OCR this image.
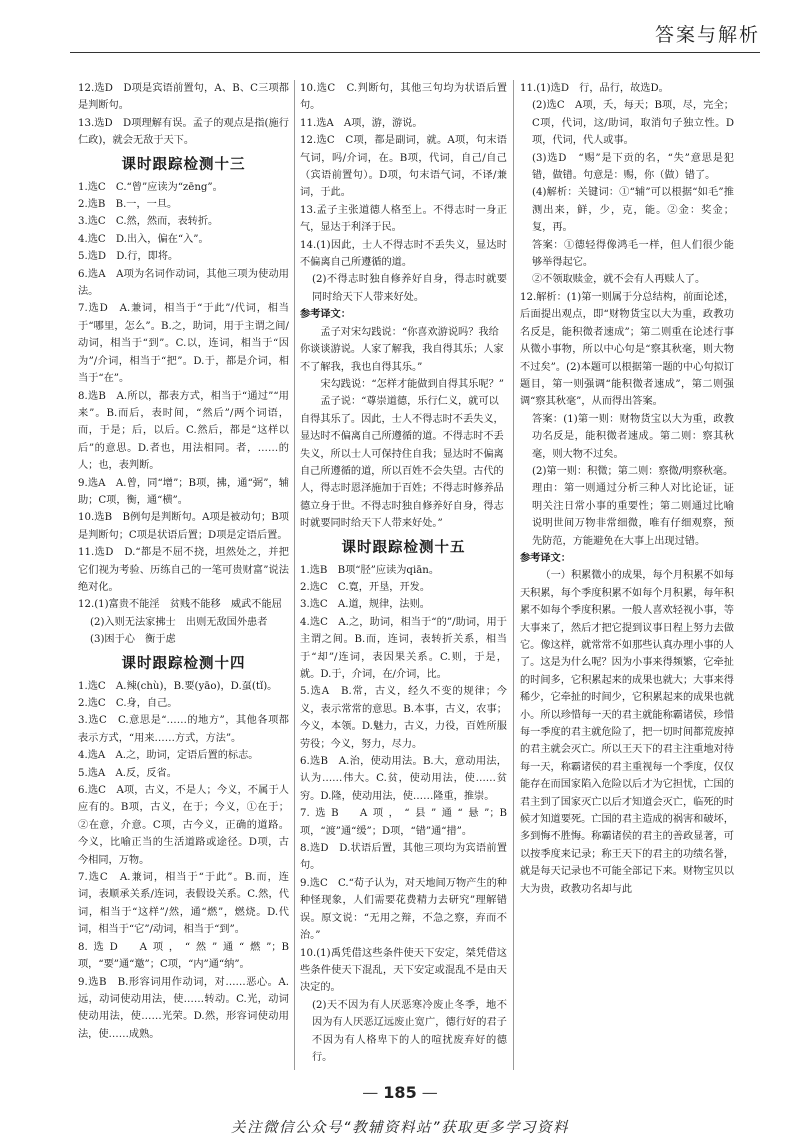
答案与解析
12.选D　D项是宾语前置句，A、B、C三项都是判断句。
13.选D　D项理解有误。孟子的观点是指(施行仁政)，就会无敌于天下。
课时跟踪检测十三
1.选C　C.“曾”应读为“zēng”。
2.选B　B.一，一旦。
3.选C　C.然，然而，表转折。
4.选C　D.出入，偏在“入”。
5.选D　D.行，即将。
6.选A　A项为名词作动词，其他三项为使动用法。
7.选D　A.兼词，相当于“于此”/代词，相当于“哪里，怎么”。B.之，助词，用于主谓之间/动词，相当于“到”。C.以，连词，相当于“因为”/介词，相当于“把”。D.于，都是介词，相当于“在”。
8.选B　A.所以，都表方式，相当于“通过”“用来”。B.而后，表时间，“然后”/两个词语，而，于是；后，以后。C.然后，都是“这样以后”的意思。D.者也，用法相同。者，……的人；也，表判断。
9.选A　A.曾，同“增”；B项，拂，通“弼”，辅助；C项，衡，通“横”。
10.选B　B例句是判断句。A项是被动句；B项是判断句；C项是状语后置；D项是定语后置。
11.选D　D.“都是不屈不挠，坦然处之，并把它们视为考验、历练自己的一笔可贵财富”说法绝对化。
12.(1)富贵不能淫　贫贱不能移　威武不能屈
(2)入则无法家拂士　出则无敌国外患者
(3)困于心　衡于虑
课时跟踪检测十四
1.选C　A.辣(chù)，B.要(yāo)，D.虿(tǐ)。
2.选C　C.身，自己。
3.选C　C.意思是“……的地方”，其他各项都表示方式，“用来……方式，方法”。
4.选A　A.之，助词，定语后置的标志。
5.选A　A.反，反省。
6.选C　A项，古义，不是人；今义，不属于人应有的。B项，古义，在于；今义，①在于；②在意，介意。C项，古今义，正确的道路。今义，比喻正当的生活道路或途径。D项，古今相同，万物。
7.选C　A.兼词，相当于“于此”。B.而，连词，表顺承关系/连词，表假设关系。C.然，代词，相当于“这样”/然，通“燃”，燃烧。D.代词，相当于“它”/动词，相当于“到”。
8.选D　A项，“然”通“燃”；B项，“要”通“邀”；C项，“内”通“纳”。
9.选B　B.形容词用作动词，对……恶心。A.远，动词使动用法，使……转动。C.光，动词使动用法，使……光荣。D.然，形容词使动用法，使……成熟。
10.选C　C.判断句，其他三句均为状语后置句。
11.选A　A项，游，游说。
12.选C　C项，都是副词，就。A项，句末语气词，吗/介词，在。B项，代词，自己/自己（宾语前置句）。D项，句末语气词，不译/兼词，于此。
13.孟子主张道德人格至上。不得志时一身正气，显达于利泽于民。
14.(1)因此，士人不得志时不丢失义，显达时不偏离自己所遵循的道。
(2)不得志时独自修养好自身，得志时就要同时给天下人带来好处。
参考译文：
孟子对宋勾践说：“你喜欢游说吗？我给你谈谈游说。人家了解我，我自得其乐；人家不了解我，我也自得其乐。”
宋勾践说：“怎样才能做到自得其乐呢？”
孟子说：“尊崇道德，乐行仁义，就可以自得其乐了。因此，士人不得志时不丢失义，显达时不偏离自己所遵循的道。不得志时不丢失义，所以士人可保持住自我；显达时不偏离自己所遵循的道，所以百姓不会失望。古代的人，得志时恩泽施加于百姓；不得志时修养品德立身于世。不得志时独自修养好自身，得志时就要同时给天下人带来好处。”
课时跟踪检测十五
1.选B　B项“胫”应读为qiān。
2.选C　C.寛，开垦，开发。
3.选C　A.道，规律，法则。
4.选C　A.之，助词，相当于“的”/助词，用于主谓之间。B.而，连词，表转折关系，相当于“却”/连词，表因果关系。C.则，于是，就。D.于，介词，在/介词，比。
5.选A　B.常，古义，经久不变的规律；今义，表示常常的意思。B.本事，古义，农事；今义，本领。D.魅力，古义，力役，百姓所服劳役；今义，努力，尽力。
6.选B　A.治，使动用法。B.大，意动用法，认为……伟大。C.贫，使动用法，使……贫穷。D.隆，使动用法，使……隆重，推崇。
7.选B　A项，“县”通“悬”；B项，“渡”通“缓”；D项，“错”通“措”。
8.选D　D.状语后置，其他三项均为宾语前置句。
9.选C　C.“荀子认为，对天地间万物产生的种种怪现象，人们需要花费精力去研究”理解错误。原文说：“无用之辩，不急之察，弃而不治。”
10.(1)禹凭借这些条件使天下安定，桀凭借这些条件使天下混乱，天下安定或混乱不是由天决定的。
(2)天不因为有人厌恶寒冷废止冬季，地不因为有人厌恶辽远废止宽广，德行好的君子不因为有人格卑下的人的喧扰废弃好的德行。
11.(1)选D　行，品行，故选D。
(2)选C　A项，夭，每天；B项，尽，完全；C项，代词，这/助词，取消句子独立性。D项，代词，代人或事。
(3)选D　“赐”是下贡的名，“失”意思是犯错，做错。句意是：赐，你（做）错了。
(4)解析：关键词：①“辅”可以根据“如毛”推测出来，鲜，少，克，能。②金：奖金；复，再。
答案：①德轻得像鸿毛一样，但人们很少能够举得起它。
②不领取赎金，就不会有人再赎人了。
12.解析：(1)第一则属于分总结构，前面论述，后面提出观点，即“财物货宝以大为重，政教功名反是，能积微者速成”；第二则重在论述行事从微小事物，所以中心句是“察其秋毫，则大物不过矣”。(2)本题可以根据第一题的中心句拟订题目，第一则强调“能积微者速成”，第二则强调“察其秋毫”，从而得出答案。
答案：(1)第一则：财物货宝以大为重，政教功名反是，能积微者速成。第二则：察其秋毫，则大物不过矣。
(2)第一则：积微；第二则：察微/明察秋毫。
理由：第一则通过分析三种人对比论证，证明关注日常小事的重要性；第二则通过比喻说明世间万物非常细微，唯有仔细观察，预先防范，方能避免在大事上出现过错。
参考译文：
（一）积累微小的成果，每个月积累不如每天积累，每个季度积累不如每个月积累，每年积累不如每个季度积累。一般人喜欢轻视小事，等大事来了，然后才把它提到议事日程上努力去做它。像这样，就常常不如那些认真办理小事的人了。这是为什么呢？因为小事来得频繁，它牵扯的时间多，它积累起来的成果也就大；大事来得稀少，它牵扯的时间少，它积累起来的成果也就小。所以珍惜每一天的君主就能称霸诸侯，珍惜每一季度的君主就危险了，把一切时间都荒废掉的君主就会灭亡。所以王天下的君主注重地对待每一天，称霸诸侯的君主重视每一个季度，仅仅能存在而国家陷入危险以后才为它担忧，亡国的君主到了国家灭亡以后才知道会灭亡，临死的时候才知道要死。亡国的君主造成的祸害和破坏，多到悔不胜悔。称霸诸侯的君主的善政显著，可以按季度来记录；称王天下的君主的功绩名誉，就是每天记录也不可能全部记下来。财物宝贝以大为贵，政教功名却与此
— 185 —
关注微信公众号“教辅资料站”获取更多学习资料
